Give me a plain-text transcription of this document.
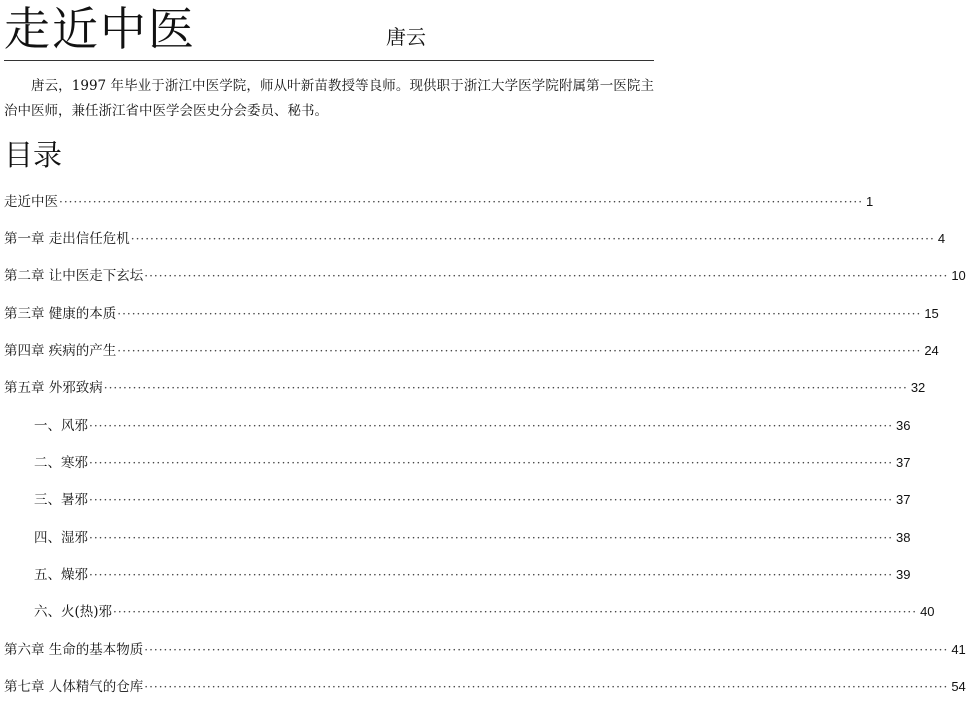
走近中医	唐云

唐云，1997 年毕业于浙江中医学院，师从叶新苗教授等良师。现供职于浙江大学医学院附属第一医院主治中医师，兼任浙江省中医学会医史分会委员、秘书。

目录
走近中医 ······································································································································································· 1
第一章 走出信任危机 ······································································································································································· 4
第二章 让中医走下玄坛 ······································································································································································· 10
第三章 健康的本质 ······································································································································································· 15
第四章 疾病的产生 ······································································································································································· 24
第五章 外邪致病 ······································································································································································· 32
一、风邪 ······································································································································································· 36
二、寒邪 ······································································································································································· 37
三、暑邪 ······································································································································································· 37
四、湿邪 ······································································································································································· 38
五、燥邪 ······································································································································································· 39
六、火(热)邪 ······································································································································································· 40
第六章 生命的基本物质 ······································································································································································· 41
第七章 人体精气的仓库 ······································································································································································· 54
